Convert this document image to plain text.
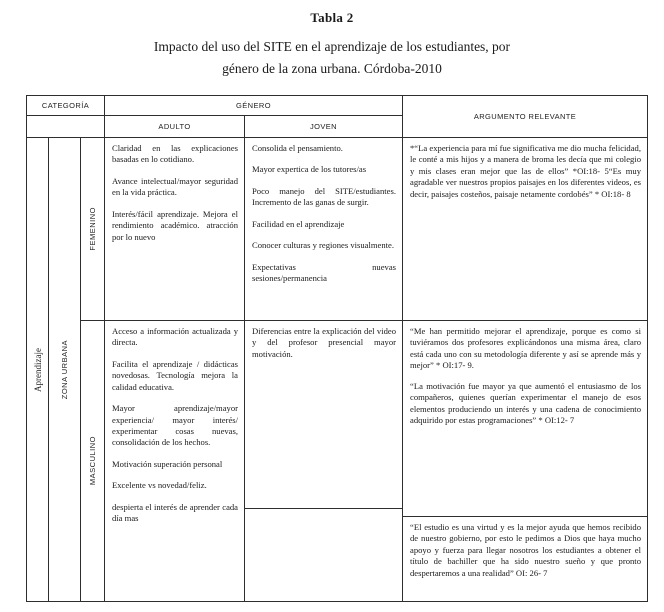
Tabla 2
Impacto del uso del SITE en el aprendizaje de los estudiantes, por
género de la zona urbana. Córdoba-2010
CATEGORÍA	GÉNERO
ARGUMENTO RELEVANTE
ADULTO	JOVEN
Aprendizaje ZONA URBANA
FEMENINO

Claridad en las explicaciones basadas en lo cotidiano.

Avance intelectual/mayor seguridad en la vida práctica.

Interés/fácil aprendizaje. Mejora el rendimiento académico. atracción por lo nuevo

Consolida el pensamiento.

Mayor expertica de los tutores/as

Poco manejo del SITE/estudiantes. Incremento de las ganas de surgir.

Facilidad en el aprendizaje

Conocer culturas y regiones visualmente.

Expectativas nuevas sesiones/permanencia

*“La experiencia para mí fue significativa me dio mucha felicidad, le conté a mis hijos y a manera de broma les decía que mi colegio y mis clases eran mejor que las de ellos” *OI:18- 5“Es muy agradable ver nuestros propios paisajes en los diferentes videos, es decir, paisajes costeños, paisaje netamente cordobés” * OI:18- 8

MASCULINO

Acceso a información actualizada y directa.

Facilita el aprendizaje / didácticas novedosas. Tecnología mejora la calidad educativa.

Mayor aprendizaje/mayor experiencia/ mayor interés/ experimentar cosas nuevas, consolidación de los hechos.

Motivación superación personal

Excelente vs novedad/feliz.

despierta el interés de aprender cada día mas

Diferencias entre la explicación del video y del profesor presencial mayor motivación.

“Me han permitido mejorar el aprendizaje, porque es como si tuviéramos dos profesores explicándonos una misma área, claro está cada uno con su metodología diferente y así se aprende más y mejor” * OI:17- 9.

“La motivación fue mayor ya que aumentó el entusiasmo de los compañeros, quienes querían experimentar el manejo de esos elementos produciendo un interés y una cadena de conocimiento adquirido por estas programaciones” * OI:12- 7

“El estudio es una virtud y es la mejor ayuda que hemos recibido de nuestro gobierno, por esto le pedimos a Dios que haya mucho apoyo y fuerza para llegar nosotros los estudiantes a obtener el título de bachiller que ha sido nuestro sueño y que pronto despertaremos a una realidad” OI: 26- 7
